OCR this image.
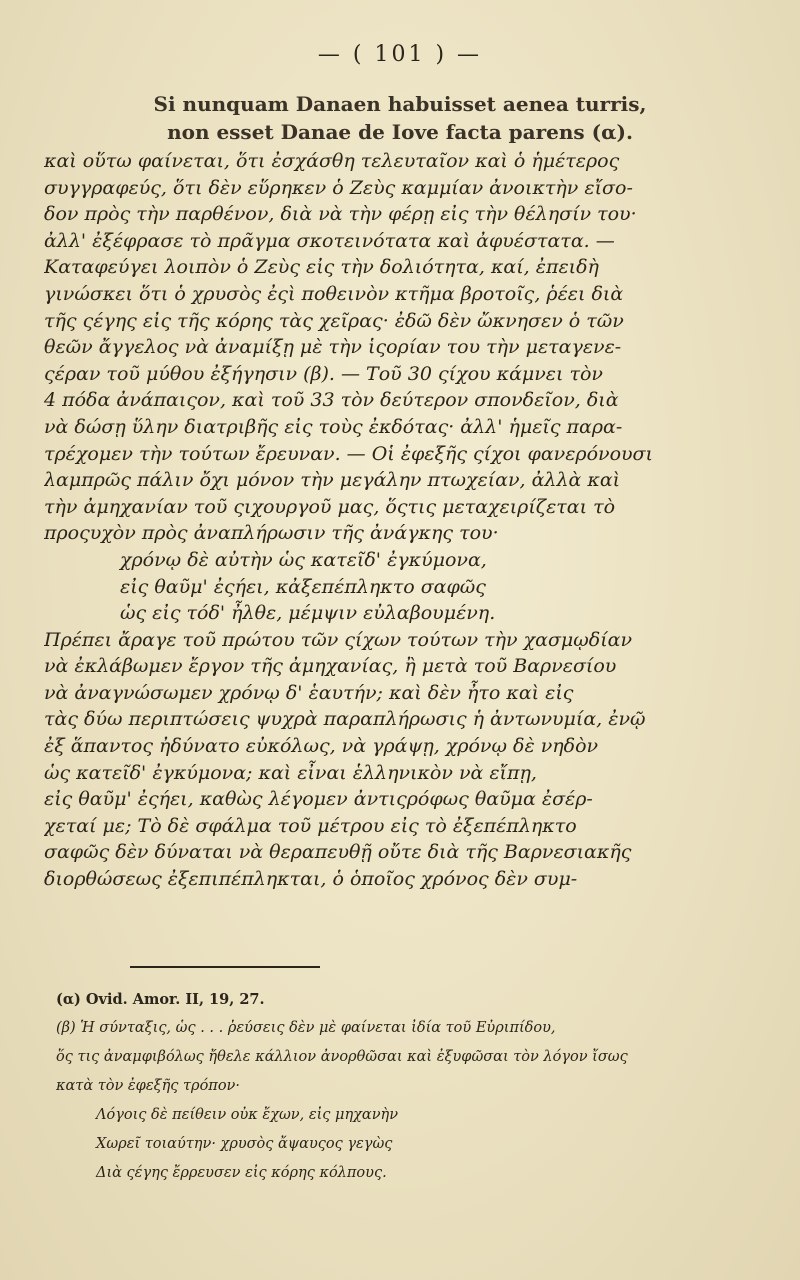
— ( 101 ) —
Si nunquam Danaen habuisset aenea turris,
non esset Danae de Iove facta parens (α).
καὶ οὕτω φαίνεται, ὅτι ἐσχάσθη τελευταῖον καὶ ὁ ἡμέτερος
συγγραφεύς, ὅτι δὲν εὕρηκεν ὁ Ζεὺς καμμίαν ἀνοικτὴν εἴσο-
δον πρὸς τὴν παρθένον, διὰ νὰ τὴν φέρῃ εἰς τὴν θέλησίν του·
ἀλλ' ἐξέφρασε τὸ πρᾶγμα σκοτεινότατα καὶ ἀφυέστατα. —
Καταφεύγει λοιπὸν ὁ Ζεὺς εἰς τὴν δολιότητα, καί, ἐπειδὴ
γινώσκει ὅτι ὁ χρυσὸς ἐςὶ ποθεινὸν κτῆμα βροτοῖς, ῥέει διὰ
τῆς ςέγης εἰς τῆς κόρης τὰς χεῖρας· ἐδῶ δὲν ὤκνησεν ὁ τῶν
θεῶν ἄγγελος νὰ ἀναμίξῃ μὲ τὴν ἱςορίαν του τὴν μεταγενε-
ςέραν τοῦ μύθου ἐξήγησιν (β). — Τοῦ 30 ςίχου κάμνει τὸν
4 πόδα ἀνάπαιςον, καὶ τοῦ 33 τὸν δεύτερον σπονδεῖον, διὰ
νὰ δώσῃ ὕλην διατριβῆς εἰς τοὺς ἐκδότας· ἀλλ' ἡμεῖς παρα-
τρέχομεν τὴν τούτων ἔρευναν. — Οἱ ἐφεξῆς ςίχοι φανερόνουσι
λαμπρῶς πάλιν ὄχι μόνον τὴν μεγάλην πτωχείαν, ἀλλὰ καὶ
τὴν ἀμηχανίαν τοῦ ςιχουργοῦ μας, ὅςτις μεταχειρίζεται τὸ
προςυχὸν πρὸς ἀναπλήρωσιν τῆς ἀνάγκης του·
χρόνῳ δὲ αὐτὴν ὡς κατεῖδ' ἐγκύμονα,
εἰς θαῦμ' ἐςήει, κἀξεπέπληκτο σαφῶς
ὡς εἰς τόδ' ἦλθε, μέμψιν εὐλαβουμένη.
Πρέπει ἄραγε τοῦ πρώτου τῶν ςίχων τούτων τὴν χασμῳδίαν
νὰ ἐκλάβωμεν ἔργον τῆς ἀμηχανίας, ἢ μετὰ τοῦ Βαρνεσίου
νὰ ἀναγνώσωμεν χρόνῳ δ' ἑαυτήν; καὶ δὲν ἦτο καὶ εἰς
τὰς δύω περιπτώσεις ψυχρὰ παραπλήρωσις ἡ ἀντωνυμία, ἐνῷ
ἐξ ἅπαντος ἠδύνατο εὐκόλως, νὰ γράψῃ, χρόνῳ δὲ νηδὸν
ὡς κατεῖδ' ἐγκύμονα; καὶ εἶναι ἑλληνικὸν νὰ εἴπῃ,
εἰς θαῦμ' ἐςήει, καθὼς λέγομεν ἀντιςρόφως θαῦμα ἐσέρ-
χεταί με; Τὸ δὲ σφάλμα τοῦ μέτρου εἰς τὸ ἐξεπέπληκτο
σαφῶς δὲν δύναται νὰ θεραπευθῇ οὔτε διὰ τῆς Βαρνεσιακῆς
διορθώσεως ἐξεπιπέπληκται, ὁ ὁποῖος χρόνος δὲν συμ-
(α) Ovid. Amor. II, 19, 27.
(β) Ἡ σύνταξις, ὡς . . . ῥεύσεις δὲν μὲ φαίνεται ἰδία τοῦ Εὐριπίδου,
ὅς τις ἀναμφιβόλως ἤθελε κάλλιον ἀνορθῶσαι καὶ ἐξυφῶσαι τὸν λόγον ἴσως
κατὰ τὸν ἐφεξῆς τρόπον·
Λόγοις δὲ πείθειν οὐκ ἔχων, εἰς μηχανὴν
Χωρεῖ τοιαύτην· χρυσὸς ἄψαυςος γεγὼς
Διὰ ςέγης ἔρρευσεν εἰς κόρης κόλπους.
